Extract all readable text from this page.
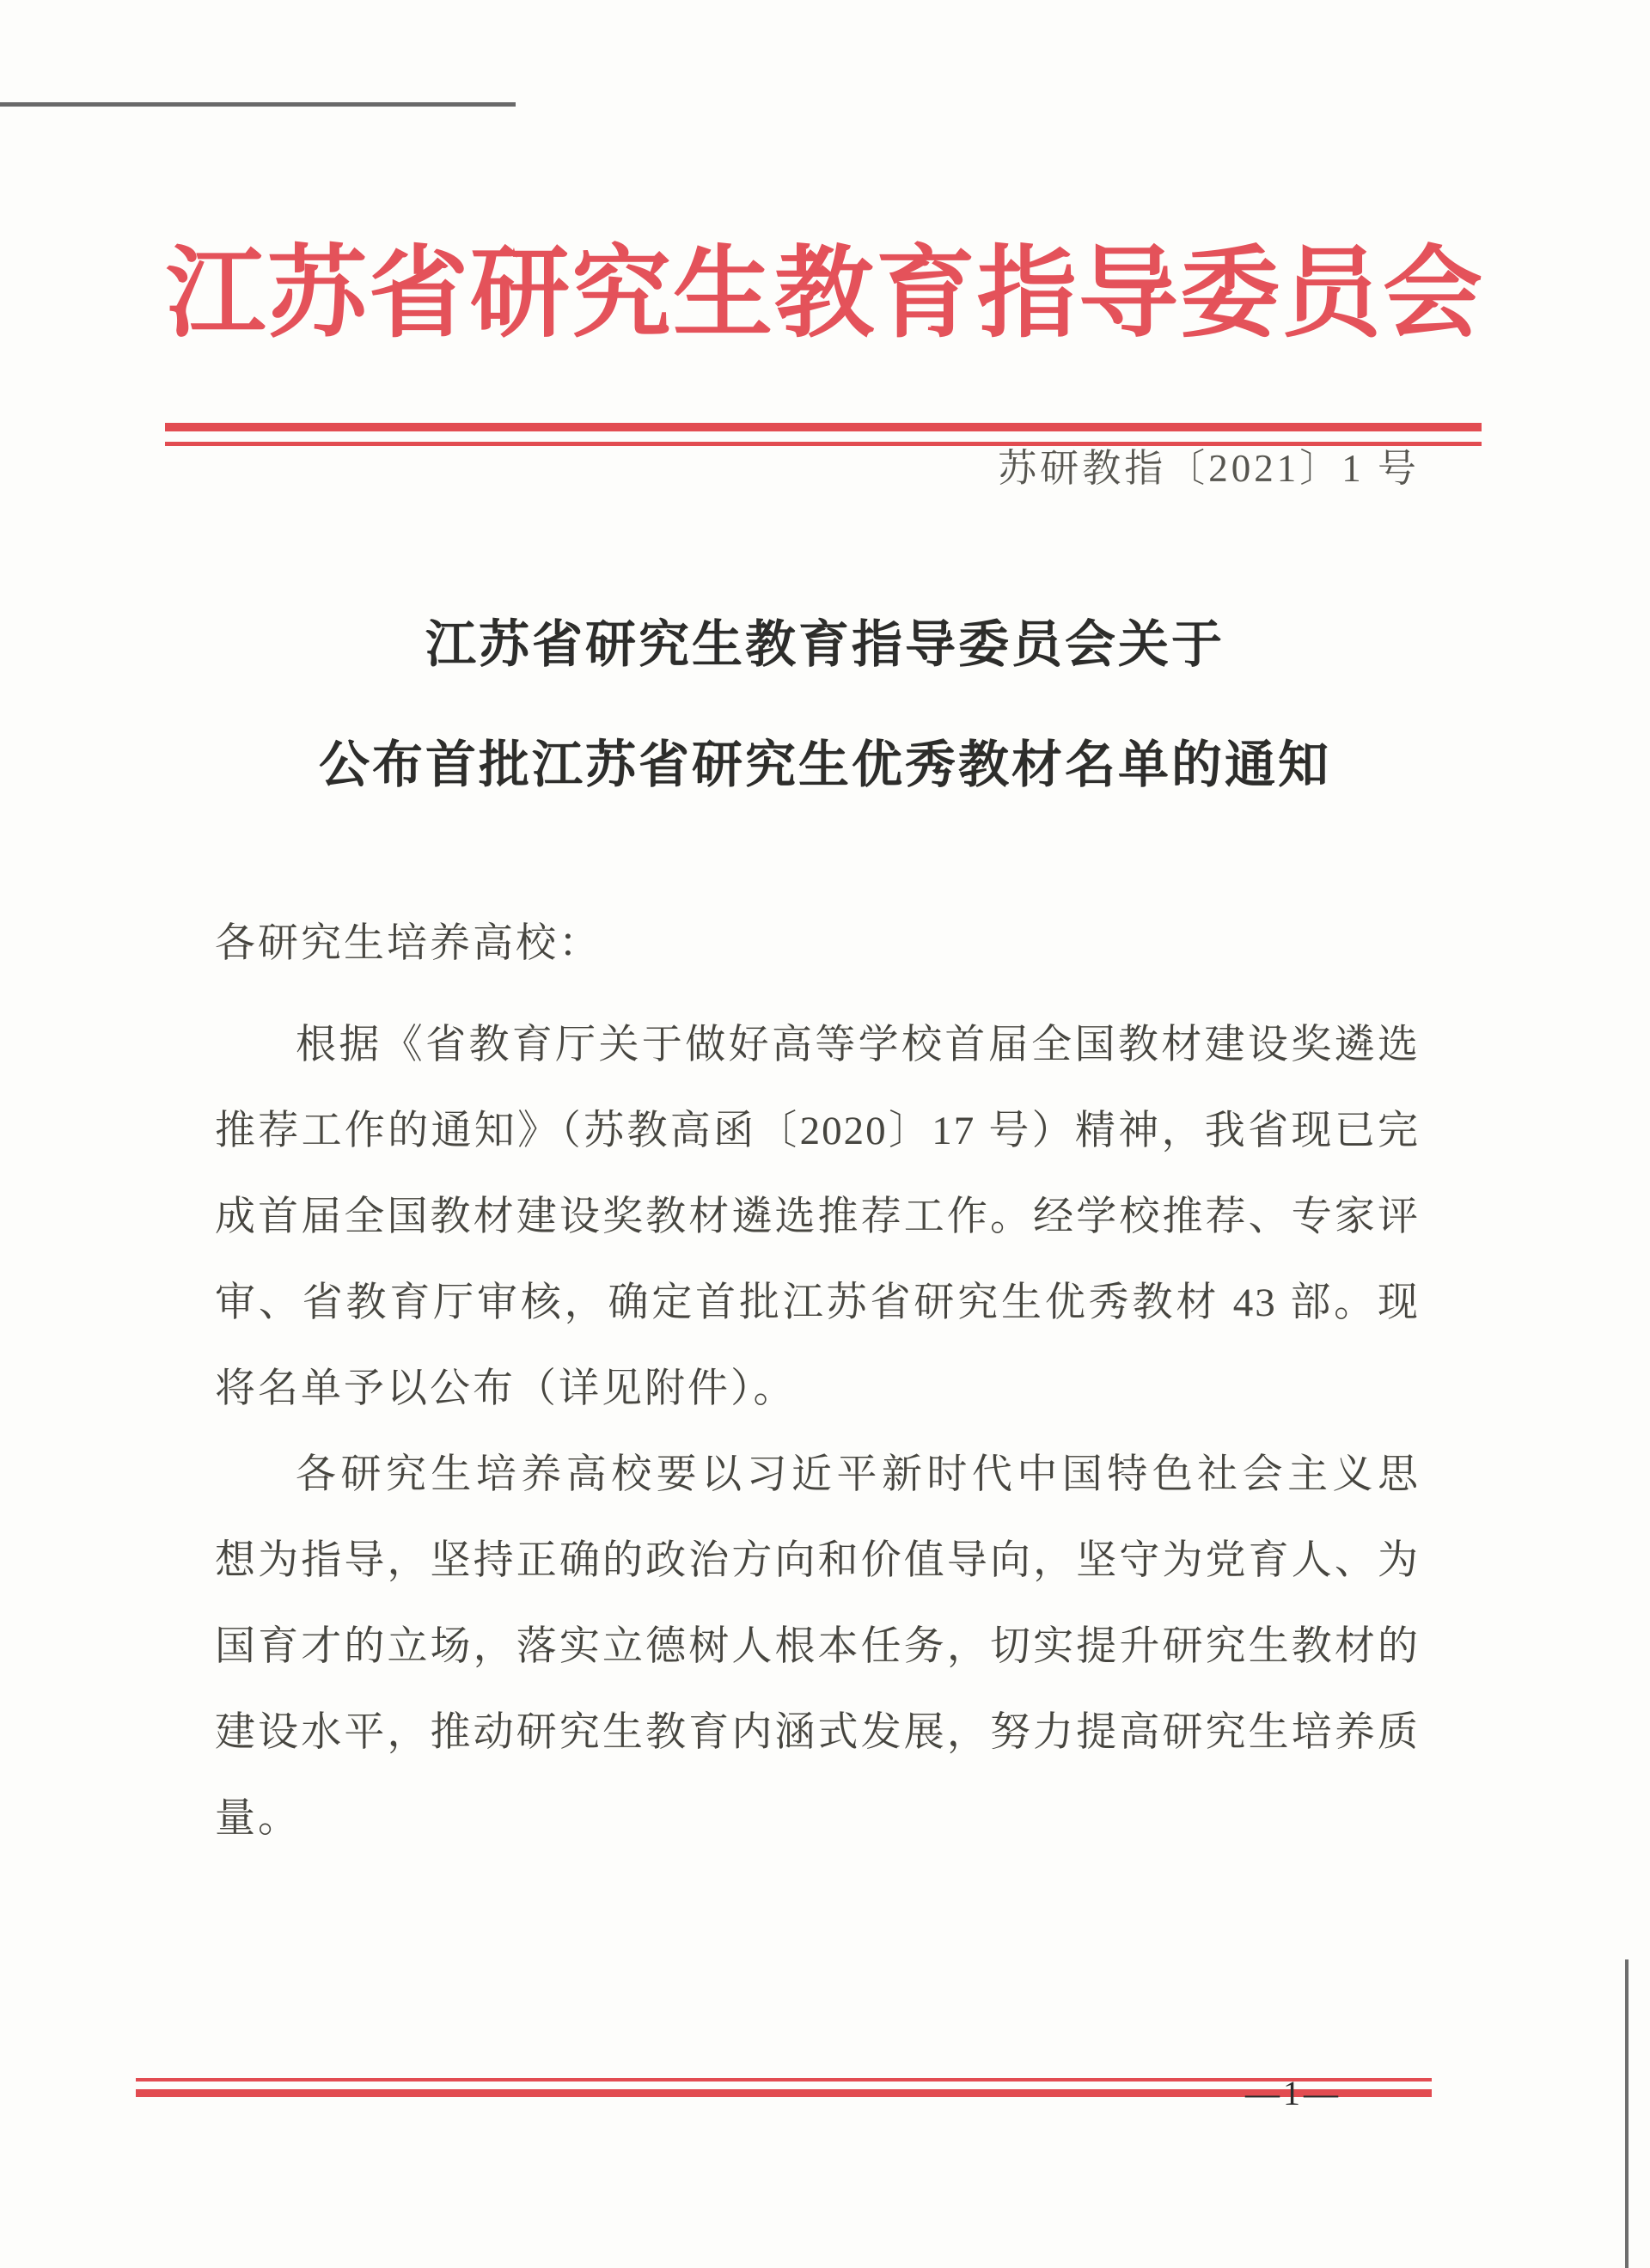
江苏省研究生教育指导委员会
苏研教指〔2021〕1 号
江苏省研究生教育指导委员会关于
公布首批江苏省研究生优秀教材名单的通知
各研究生培养高校：
根据《省教育厅关于做好高等学校首届全国教材建设奖遴选
推荐工作的通知》（苏教高函〔2020〕17 号）精神，我省现已完
成首届全国教材建设奖教材遴选推荐工作。经学校推荐、专家评
审、省教育厅审核，确定首批江苏省研究生优秀教材 43 部。现
将名单予以公布（详见附件）。
各研究生培养高校要以习近平新时代中国特色社会主义思
想为指导，坚持正确的政治方向和价值导向，坚守为党育人、为
国育才的立场，落实立德树人根本任务，切实提升研究生教材的
建设水平，推动研究生教育内涵式发展，努力提高研究生培养质
量。
—1—
